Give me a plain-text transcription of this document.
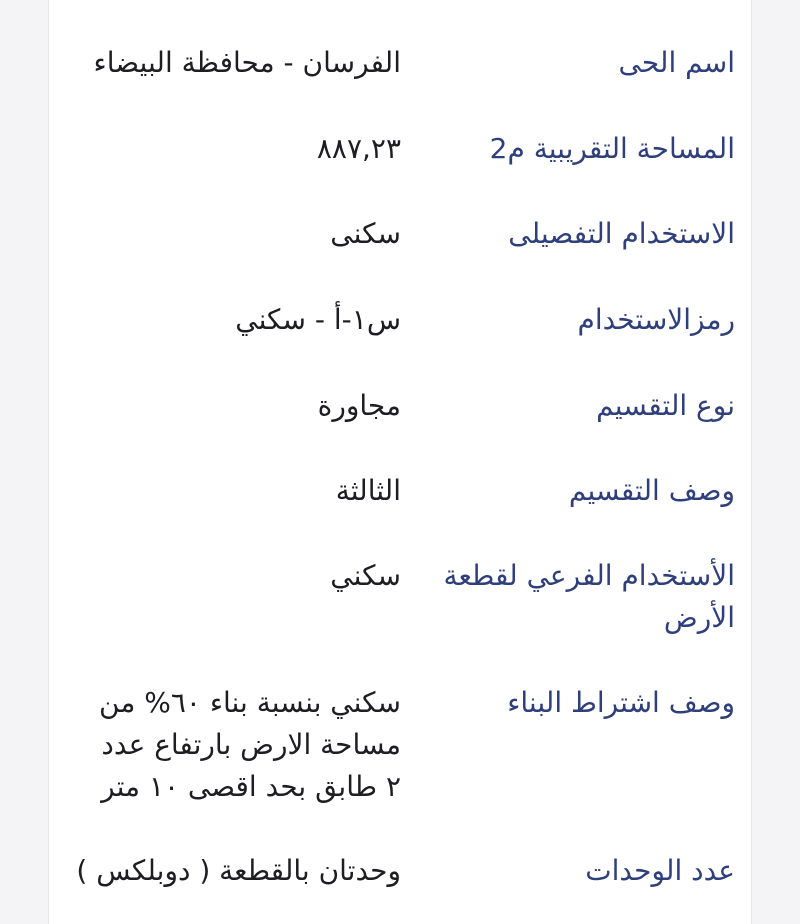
اسم الحى
الفرسان - محافظة البيضاء
المساحة التقريبية م2
٨٨٧,٢٣
الاستخدام التفصيلى
سكنى
رمزالاستخدام
س١-أ - سكني
نوع التقسيم
مجاورة
وصف التقسيم
الثالثة
الأستخدام الفرعي لقطعة الأرض
سكني
وصف اشتراط البناء
سكني بنسبة بناء ٦٠% من مساحة الارض بارتفاع عدد ٢ طابق بحد اقصى ١٠ متر
عدد الوحدات
وحدتان بالقطعة ( دوبلكس )
